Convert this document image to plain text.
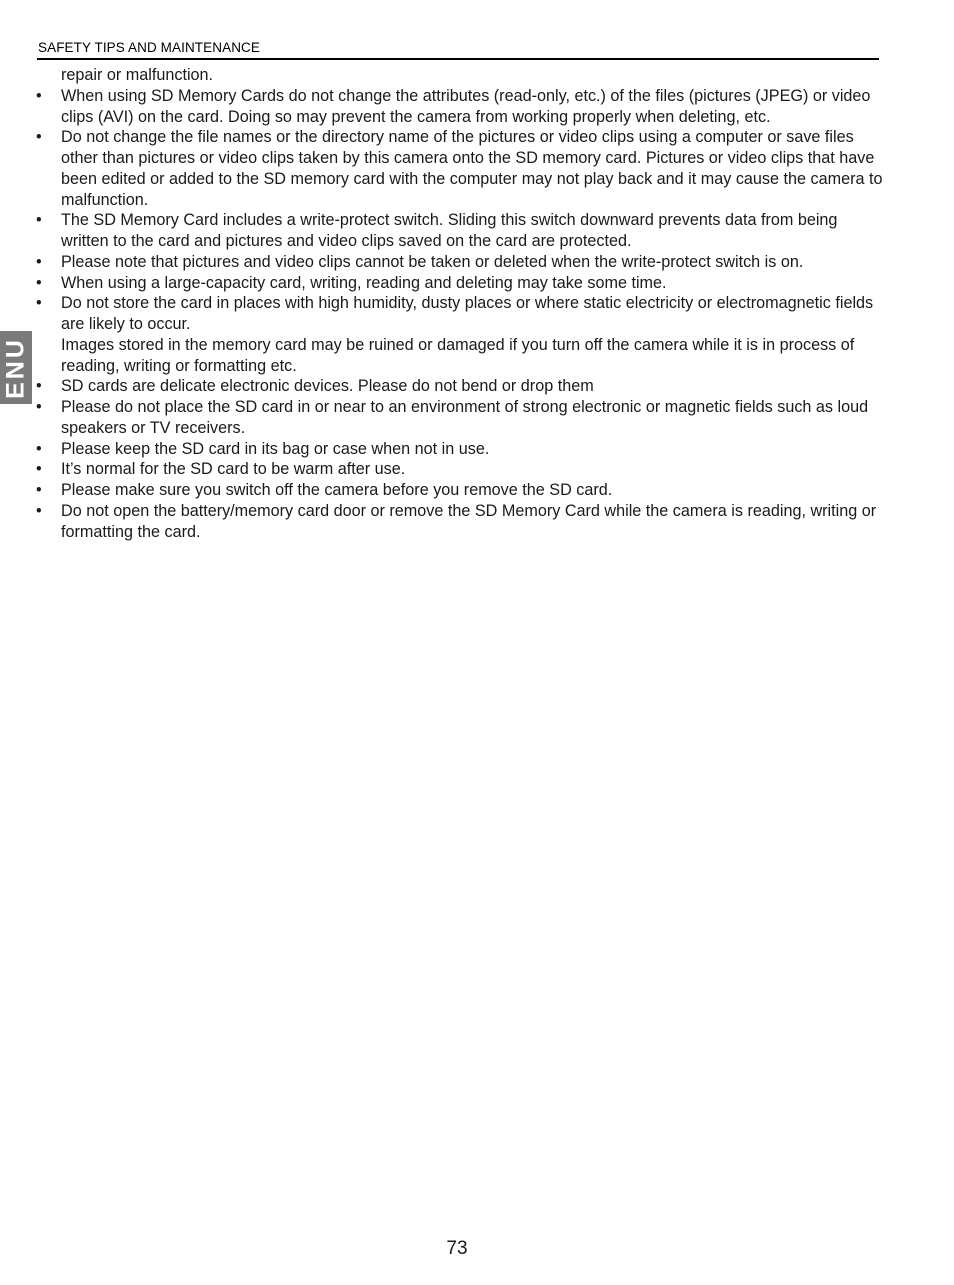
SAFETY TIPS AND MAINTENANCE
ENU
repair or malfunction.
• When using SD Memory Cards do not change the attributes (read-only, etc.) of the files (pictures (JPEG) or video clips (AVI) on the card. Doing so may prevent the camera from working properly when deleting, etc.
• Do not change the file names or the directory name of the pictures or video clips using a computer or save files other than pictures or video clips taken by this camera onto the SD memory card. Pictures or video clips that have been edited or added to the SD memory card with the computer may not play back and it may cause the camera to malfunction.
• The SD Memory Card includes a write-protect switch. Sliding this switch downward prevents data from being written to the card and pictures and video clips saved on the card are protected.
• Please note that pictures and video clips cannot be taken or deleted when the write-protect switch is on.
• When using a large-capacity card, writing, reading and deleting may take some time.
• Do not store the card in places with high humidity, dusty places or where static electricity or electromagnetic fields are likely to occur.
Images stored in the memory card may be ruined or damaged if you turn off the camera while it is in process of reading, writing or formatting etc.
• SD cards are delicate electronic devices. Please do not bend or drop them
• Please do not place the SD card in or near to an environment of strong electronic or magnetic fields such as loud speakers or TV receivers.
• Please keep the SD card in its bag or case when not in use.
• It’s normal for the SD card to be warm after use.
• Please make sure you switch off the camera before you remove the SD card.
• Do not open the battery/memory card door or remove the SD Memory Card while the camera is reading, writing or formatting the card.
73
